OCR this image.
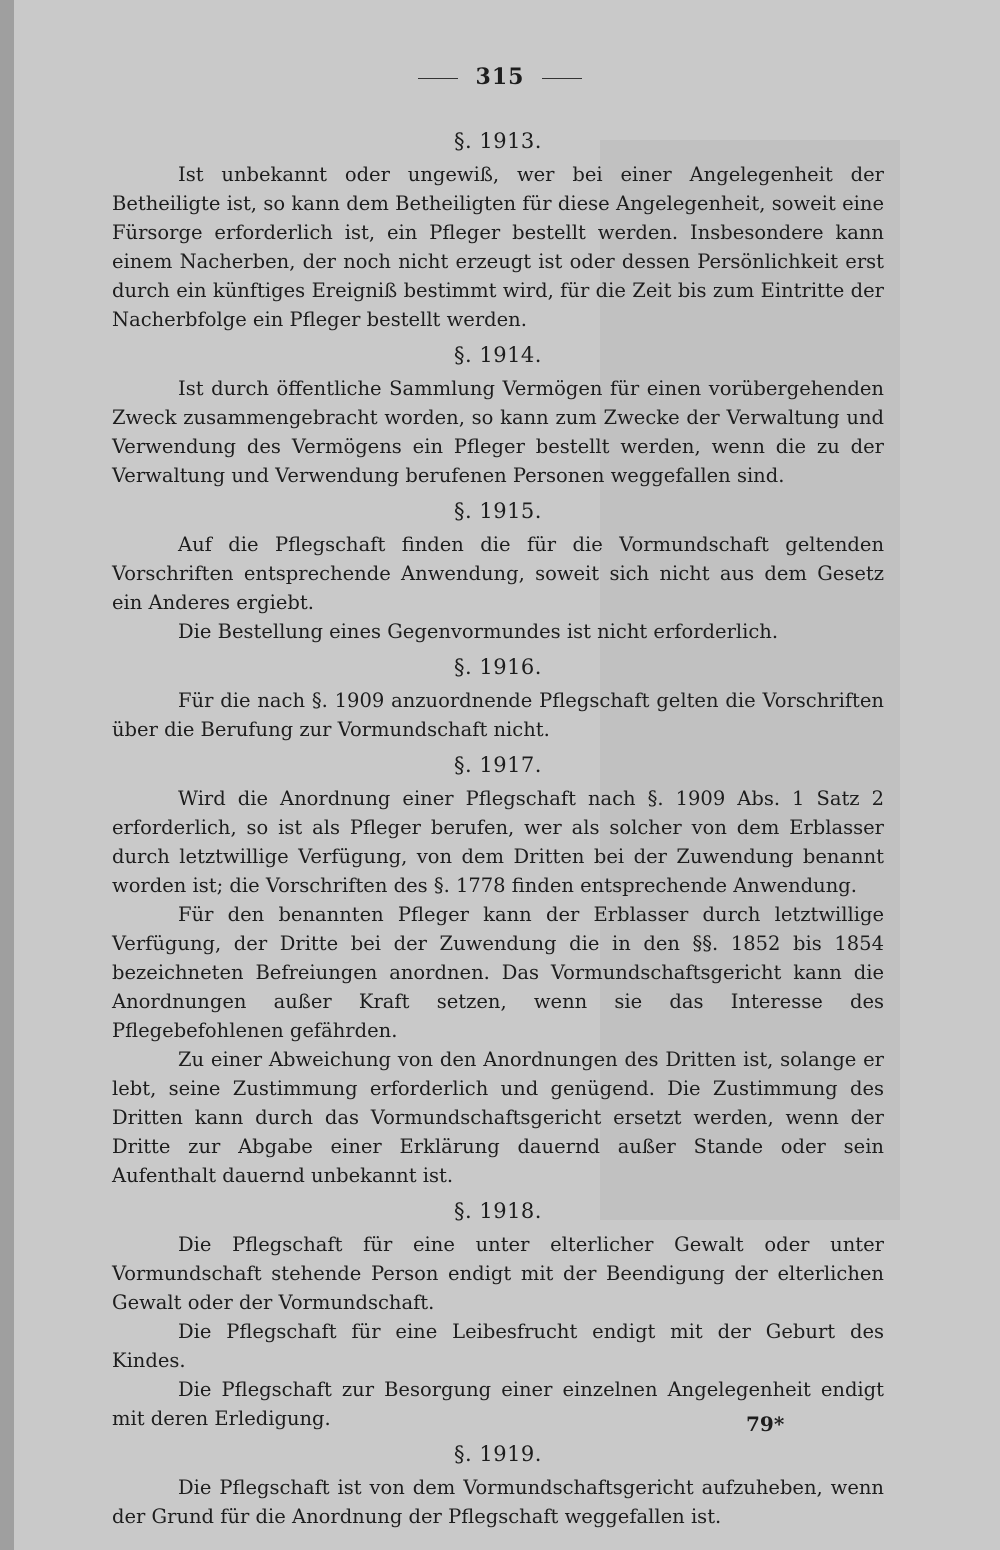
315
§. 1913.

Ist unbekannt oder ungewiß, wer bei einer Angelegenheit der Betheiligte ist, so kann dem Betheiligten für diese Angelegenheit, soweit eine Fürsorge erforderlich ist, ein Pfleger bestellt werden. Insbesondere kann einem Nacherben, der noch nicht erzeugt ist oder dessen Persönlichkeit erst durch ein künftiges Ereigniß bestimmt wird, für die Zeit bis zum Eintritte der Nacherbfolge ein Pfleger bestellt werden.

§. 1914.

Ist durch öffentliche Sammlung Vermögen für einen vorübergehenden Zweck zusammengebracht worden, so kann zum Zwecke der Verwaltung und Verwendung des Vermögens ein Pfleger bestellt werden, wenn die zu der Verwaltung und Verwendung berufenen Personen weggefallen sind.

§. 1915.

Auf die Pflegschaft finden die für die Vormundschaft geltenden Vorschriften entsprechende Anwendung, soweit sich nicht aus dem Gesetz ein Anderes ergiebt.

Die Bestellung eines Gegenvormundes ist nicht erforderlich.

§. 1916.

Für die nach §. 1909 anzuordnende Pflegschaft gelten die Vorschriften über die Berufung zur Vormundschaft nicht.

§. 1917.

Wird die Anordnung einer Pflegschaft nach §. 1909 Abs. 1 Satz 2 erforderlich, so ist als Pfleger berufen, wer als solcher von dem Erblasser durch letztwillige Verfügung, von dem Dritten bei der Zuwendung benannt worden ist; die Vorschriften des §. 1778 finden entsprechende Anwendung.

Für den benannten Pfleger kann der Erblasser durch letztwillige Verfügung, der Dritte bei der Zuwendung die in den §§. 1852 bis 1854 bezeichneten Befreiungen anordnen. Das Vormundschaftsgericht kann die Anordnungen außer Kraft setzen, wenn sie das Interesse des Pflegebefohlenen gefährden.

Zu einer Abweichung von den Anordnungen des Dritten ist, solange er lebt, seine Zustimmung erforderlich und genügend. Die Zustimmung des Dritten kann durch das Vormundschaftsgericht ersetzt werden, wenn der Dritte zur Abgabe einer Erklärung dauernd außer Stande oder sein Aufenthalt dauernd unbekannt ist.

§. 1918.

Die Pflegschaft für eine unter elterlicher Gewalt oder unter Vormundschaft stehende Person endigt mit der Beendigung der elterlichen Gewalt oder der Vormundschaft.

Die Pflegschaft für eine Leibesfrucht endigt mit der Geburt des Kindes.

Die Pflegschaft zur Besorgung einer einzelnen Angelegenheit endigt mit deren Erledigung.

§. 1919.

Die Pflegschaft ist von dem Vormundschaftsgericht aufzuheben, wenn der Grund für die Anordnung der Pflegschaft weggefallen ist.

79*
